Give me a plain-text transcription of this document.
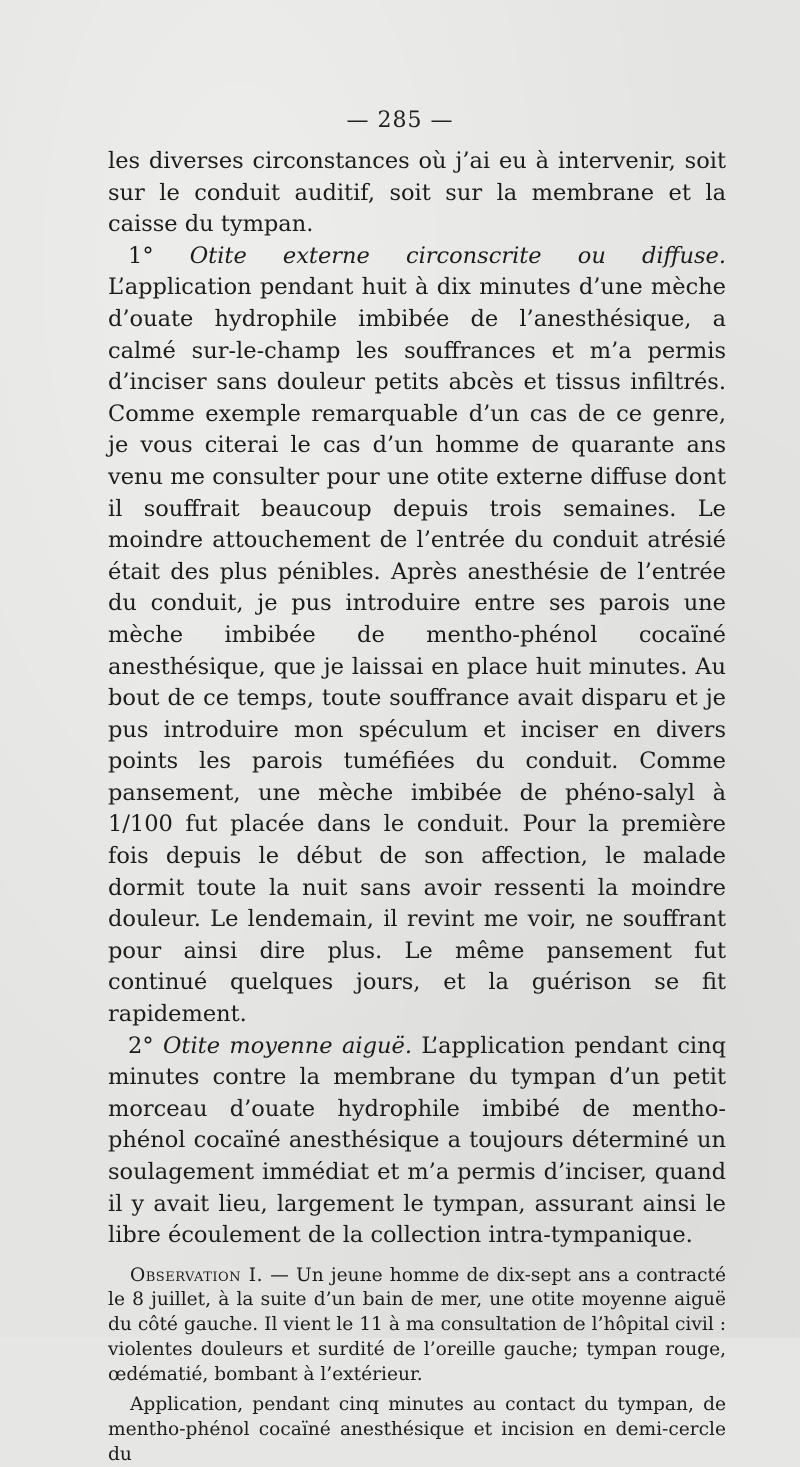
— 285 —

les diverses circonstances où j’ai eu à intervenir, soit sur le conduit auditif, soit sur la membrane et la caisse du tympan.

1° Otite externe circonscrite ou diffuse. L’application pendant huit à dix minutes d’une mèche d’ouate hydrophile imbibée de l’anesthésique, a calmé sur-le-champ les souffrances et m’a permis d’inciser sans douleur petits abcès et tissus infiltrés. Comme exemple remarquable d’un cas de ce genre, je vous citerai le cas d’un homme de quarante ans venu me consulter pour une otite externe diffuse dont il souffrait beaucoup depuis trois semaines. Le moindre attouchement de l’entrée du conduit atrésié était des plus pénibles. Après anesthésie de l’entrée du conduit, je pus introduire entre ses parois une mèche imbibée de mentho-phénol cocaïné anesthésique, que je laissai en place huit minutes. Au bout de ce temps, toute souffrance avait disparu et je pus introduire mon spéculum et inciser en divers points les parois tuméfiées du conduit. Comme pansement, une mèche imbibée de phéno-salyl à 1/100 fut placée dans le conduit. Pour la première fois depuis le début de son affection, le malade dormit toute la nuit sans avoir ressenti la moindre douleur. Le lendemain, il revint me voir, ne souffrant pour ainsi dire plus. Le même pansement fut continué quelques jours, et la guérison se fit rapidement.

2° Otite moyenne aiguë. L’application pendant cinq minutes contre la membrane du tympan d’un petit morceau d’ouate hydrophile imbibé de mentho-phénol cocaïné anesthésique a toujours déterminé un soulagement immédiat et m’a permis d’inciser, quand il y avait lieu, largement le tympan, assurant ainsi le libre écoulement de la collection intra-tympanique.

Observation I. — Un jeune homme de dix-sept ans a contracté le 8 juillet, à la suite d’un bain de mer, une otite moyenne aiguë du côté gauche. Il vient le 11 à ma consultation de l’hôpital civil : violentes douleurs et surdité de l’oreille gauche; tympan rouge, œdématié, bombant à l’extérieur.

Application, pendant cinq minutes au contact du tympan, de mentho-phénol cocaïné anesthésique et incision en demi-cercle du
